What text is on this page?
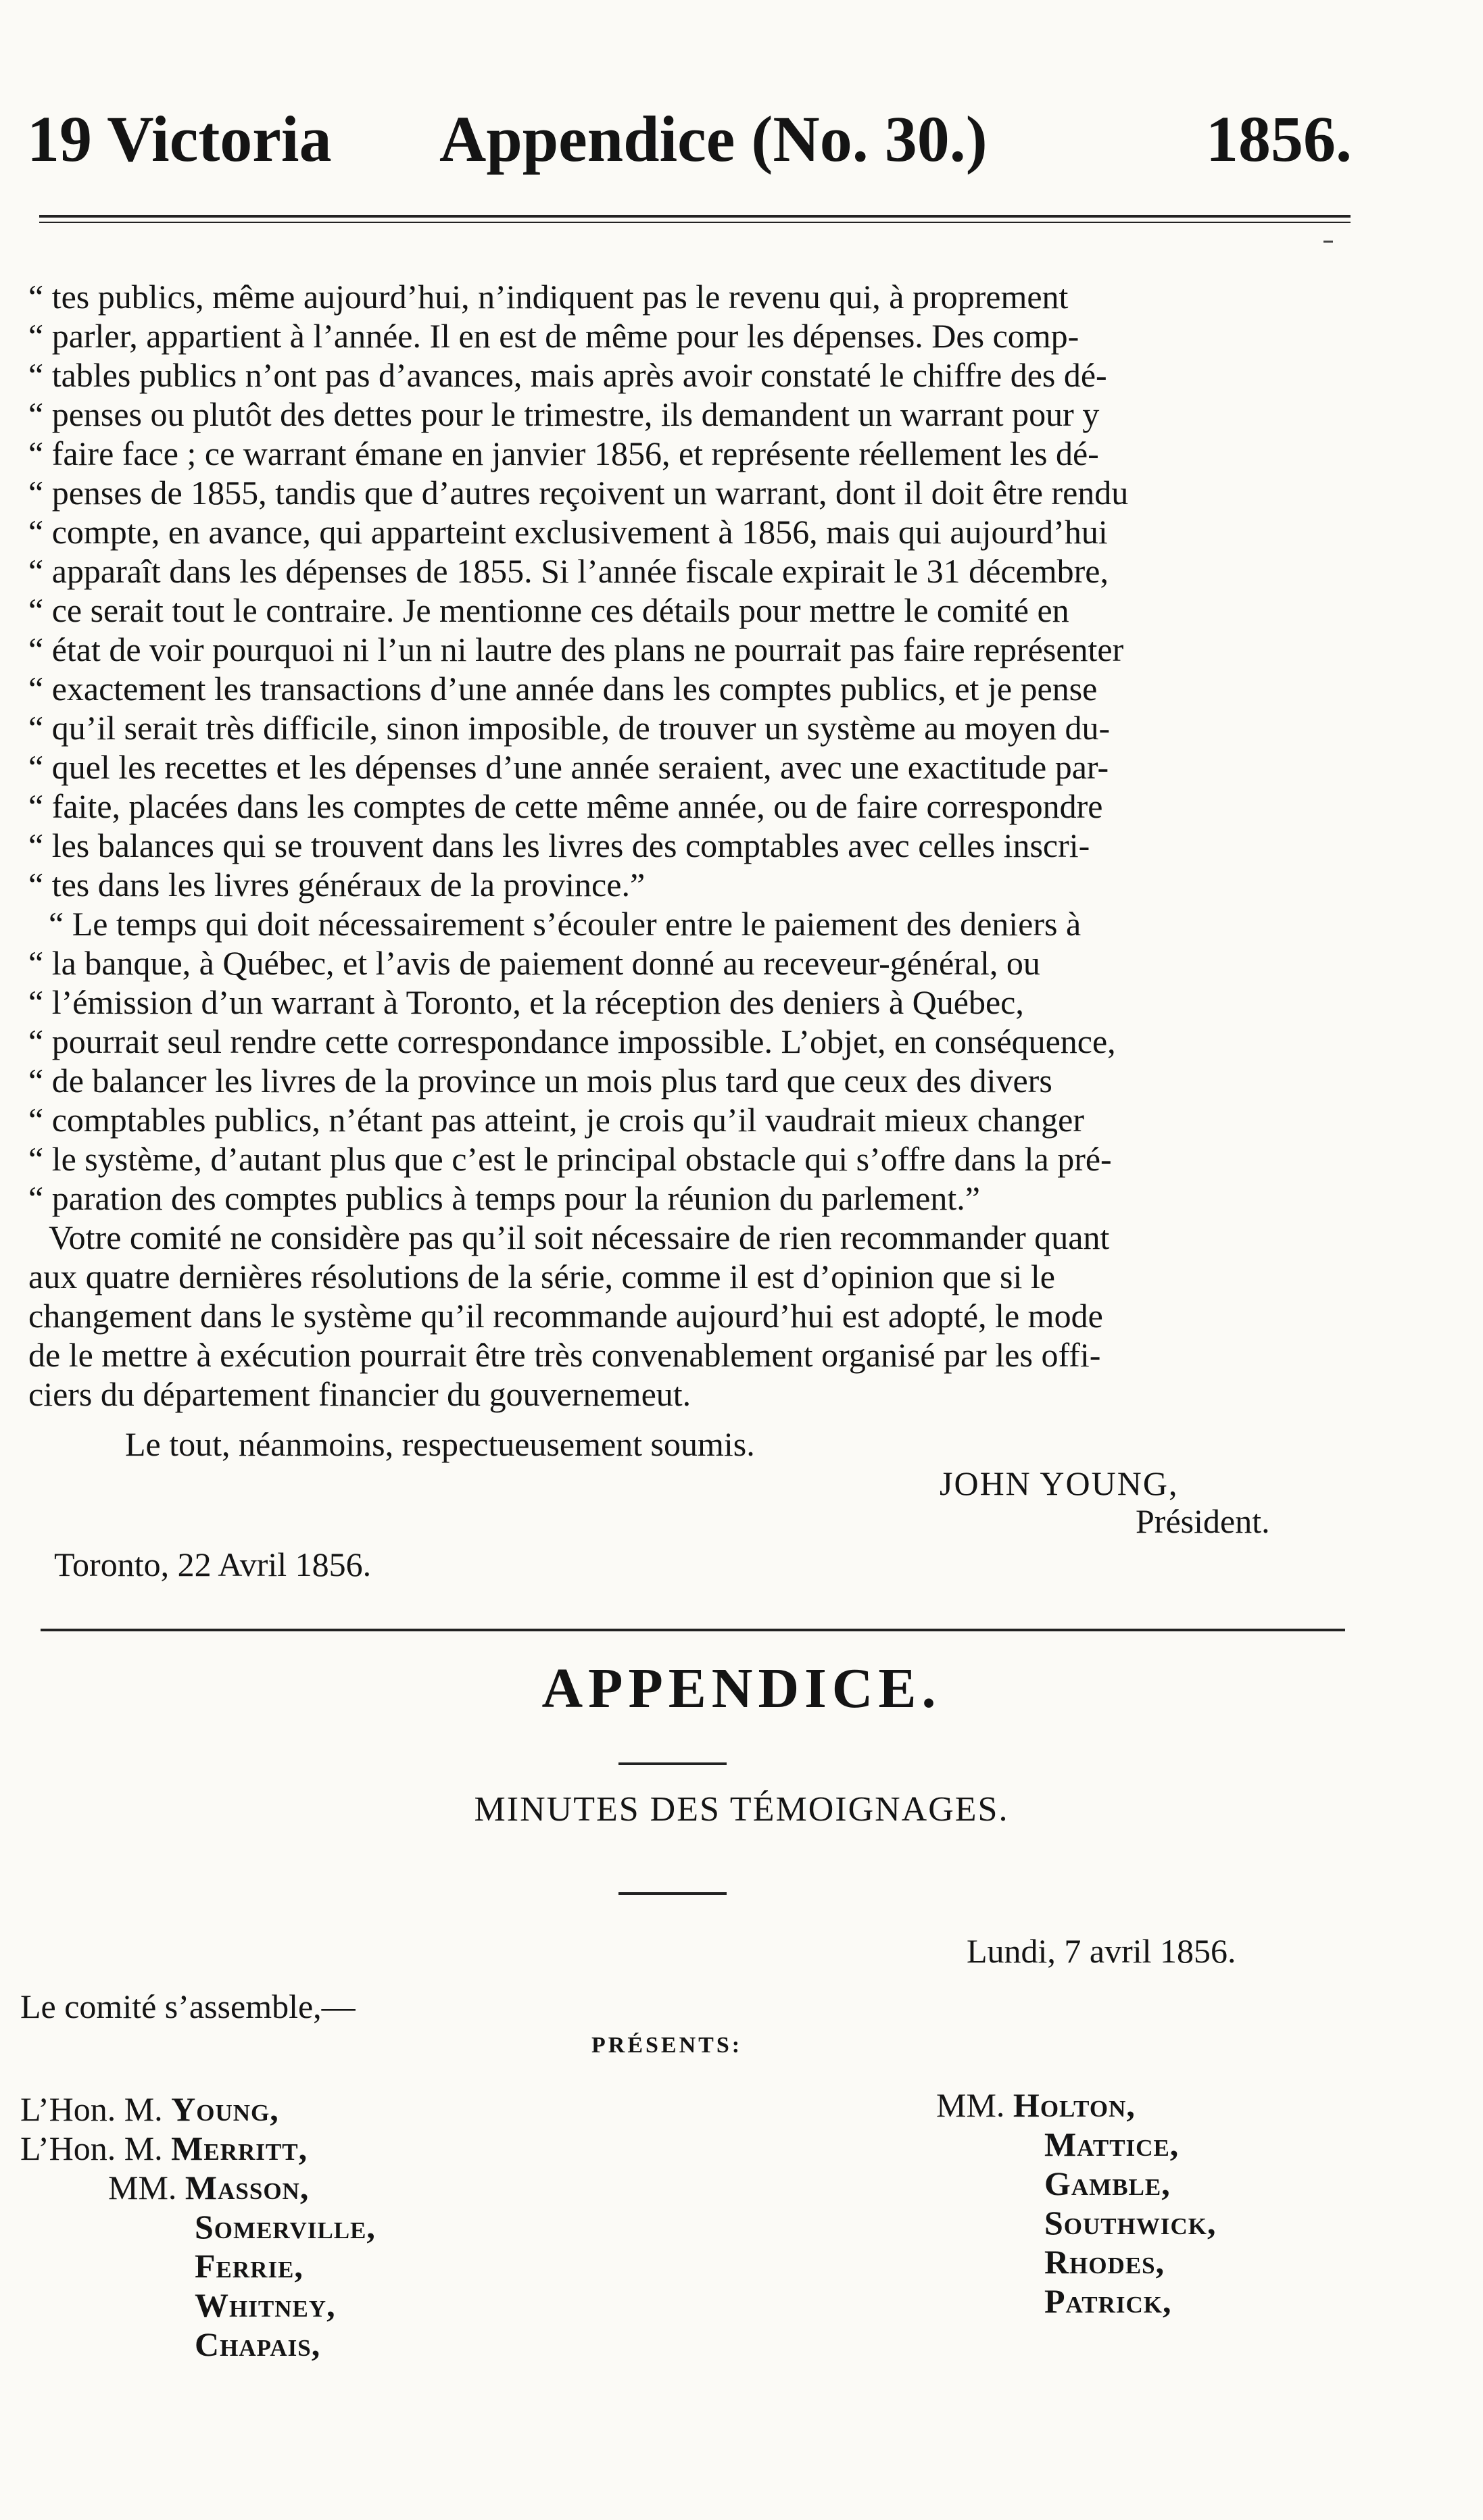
19 Victoria Appendice (No. 30.)	1856.
“ tes publics, même aujourd’hui, n’indiquent pas le revenu qui, à proprement
“ parler, appartient à l’année. Il en est de même pour les dépenses. Des comp-
“ tables publics n’ont pas d’avances, mais après avoir constaté le chiffre des dé-
“ penses ou plutôt des dettes pour le trimestre, ils demandent un warrant pour y
“ faire face ; ce warrant émane en janvier 1856, et représente réellement les dé-
“ penses de 1855, tandis que d’autres reçoivent un warrant, dont il doit être rendu
“ compte, en avance, qui apparteint exclusivement à 1856, mais qui aujourd’hui
“ apparaît dans les dépenses de 1855. Si l’année fiscale expirait le 31 décembre,
“ ce serait tout le contraire. Je mentionne ces détails pour mettre le comité en
“ état de voir pourquoi ni l’un ni lautre des plans ne pourrait pas faire représenter
“ exactement les transactions d’une année dans les comptes publics, et je pense
“ qu’il serait très difficile, sinon imposible, de trouver un système au moyen du-
“ quel les recettes et les dépenses d’une année seraient, avec une exactitude par-
“ faite, placées dans les comptes de cette même année, ou de faire correspondre
“ les balances qui se trouvent dans les livres des comptables avec celles inscri-
“ tes dans les livres généraux de la province.”
“ Le temps qui doit nécessairement s’écouler entre le paiement des deniers à
“ la banque, à Québec, et l’avis de paiement donné au receveur-général, ou
“ l’émission d’un warrant à Toronto, et la réception des deniers à Québec,
“ pourrait seul rendre cette correspondance impossible. L’objet, en conséquence,
“ de balancer les livres de la province un mois plus tard que ceux des divers
“ comptables publics, n’étant pas atteint, je crois qu’il vaudrait mieux changer
“ le système, d’autant plus que c’est le principal obstacle qui s’offre dans la pré-
“ paration des comptes publics à temps pour la réunion du parlement.”
Votre comité ne considère pas qu’il soit nécessaire de rien recommander quant
aux quatre dernières résolutions de la série, comme il est d’opinion que si le
changement dans le système qu’il recommande aujourd’hui est adopté, le mode
de le mettre à exécution pourrait être très convenablement organisé par les offi-
ciers du département financier du gouvernemeut.
Le tout, néanmoins, respectueusement soumis.
JOHN YOUNG,
Président.
Toronto, 22 Avril 1856.
APPENDICE.
MINUTES DES TÉMOIGNAGES.
Lundi, 7 avril 1856.
Le comité s’assemble,—
PRÉSENTS:
L’Hon. M. Young,
L’Hon. M. Merritt,
MM. Masson,
Somerville,
Ferrie,
Whitney,
Chapais,
MM. Holton,
Mattice,
Gamble,
Southwick,
Rhodes,
Patrick,
